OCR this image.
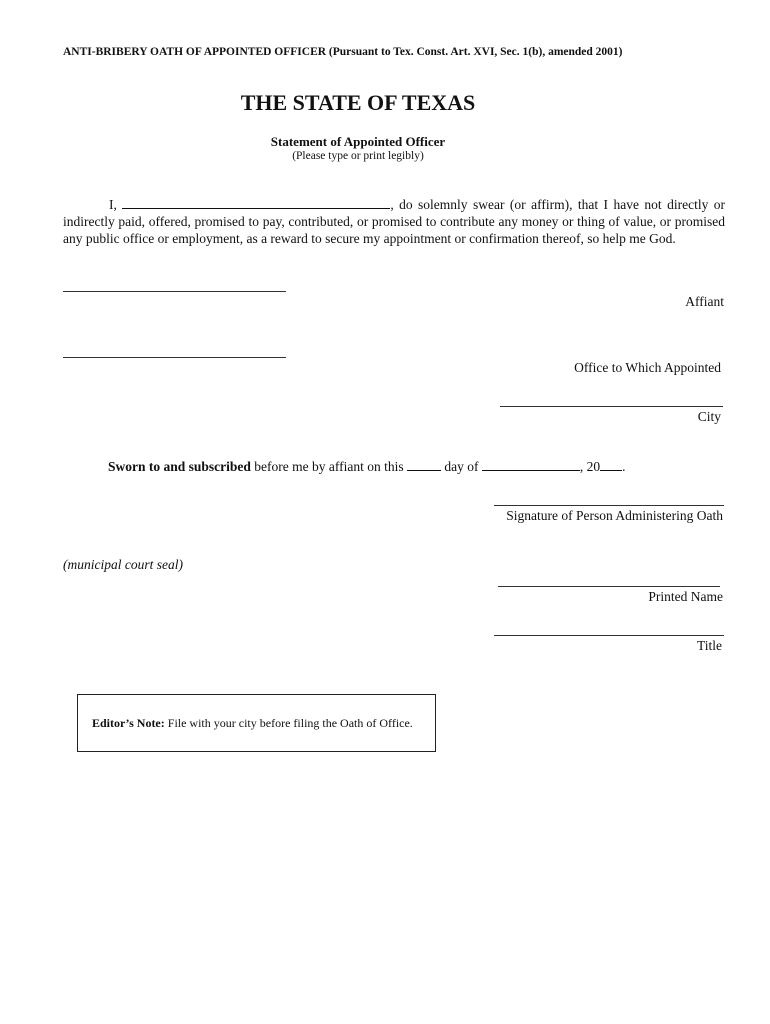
ANTI-BRIBERY OATH OF APPOINTED OFFICER (Pursuant to Tex. Const. Art. XVI, Sec. 1(b), amended 2001)
THE STATE OF TEXAS
Statement of Appointed Officer
(Please type or print legibly)
I,	, do solemnly swear (or affirm), that I have not directly or indirectly paid, offered, promised to pay, contributed, or promised to contribute any money or thing of value, or promised any public office or employment, as a reward to secure my appointment or confirmation thereof, so help me God.
Affiant
Office to Which Appointed
City
Sworn to and subscribed before me by affiant on this	day of	, 20 .
Signature of Person Administering Oath
(municipal court seal)
Printed Name
Title
Editor’s Note: File with your city before filing the Oath of Office.
